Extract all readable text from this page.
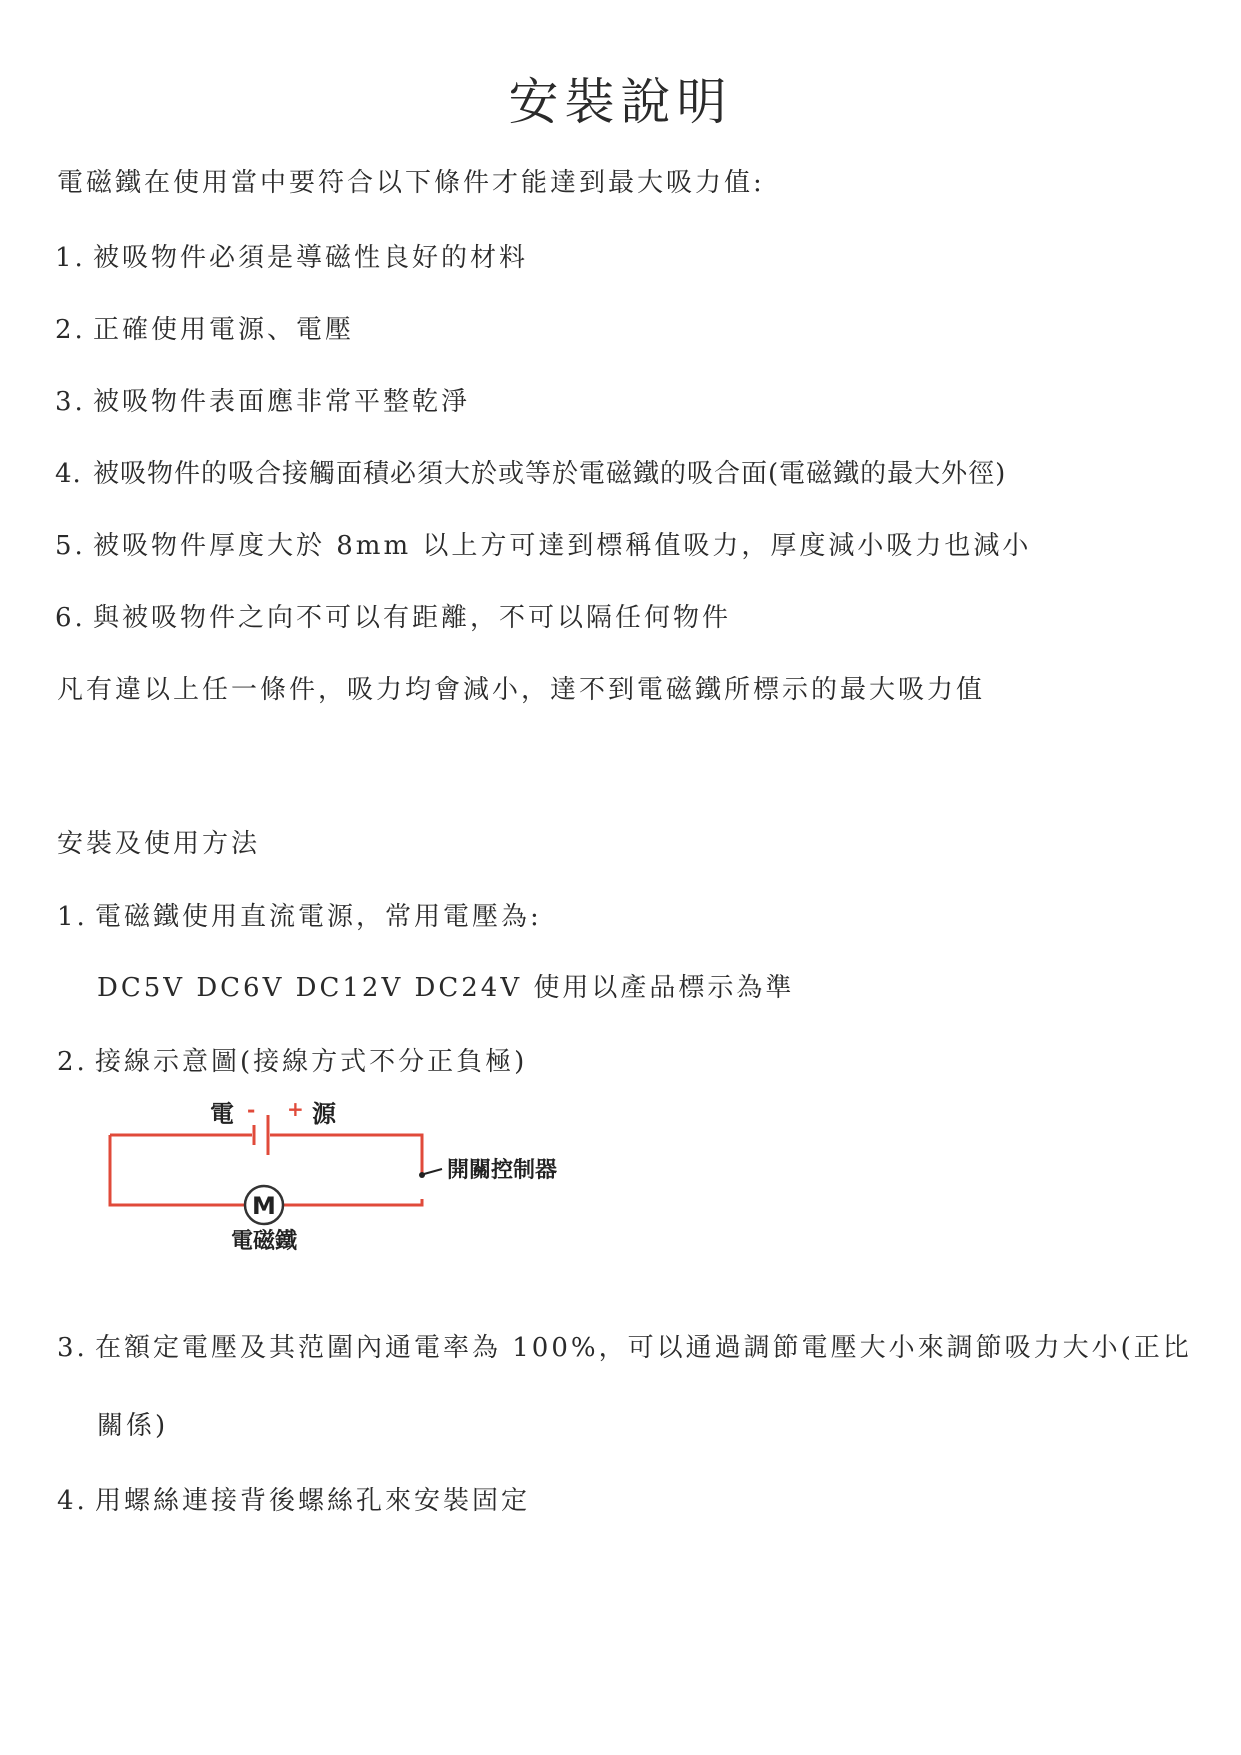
安裝說明
電磁鐵在使用當中要符合以下條件才能達到最大吸力值:
1. 被吸物件必須是導磁性良好的材料
2. 正確使用電源、電壓
3. 被吸物件表面應非常平整乾淨
4. 被吸物件的吸合接觸面積必須大於或等於電磁鐵的吸合面(電磁鐵的最大外徑)
5. 被吸物件厚度大於 8mm 以上方可達到標稱值吸力，厚度減小吸力也減小
6. 與被吸物件之向不可以有距離，不可以隔任何物件
凡有違以上任一條件，吸力均會減小，達不到電磁鐵所標示的最大吸力值
安裝及使用方法
1. 電磁鐵使用直流電源，常用電壓為:
DC5V DC6V DC12V DC24V 使用以產品標示為準
2. 接線示意圖(接線方式不分正負極)
電 - + 源
開關控制器
M
電磁鐵
3. 在額定電壓及其范圍內通電率為 100%，可以通過調節電壓大小來調節吸力大小(正比
關係)
4. 用螺絲連接背後螺絲孔來安裝固定
